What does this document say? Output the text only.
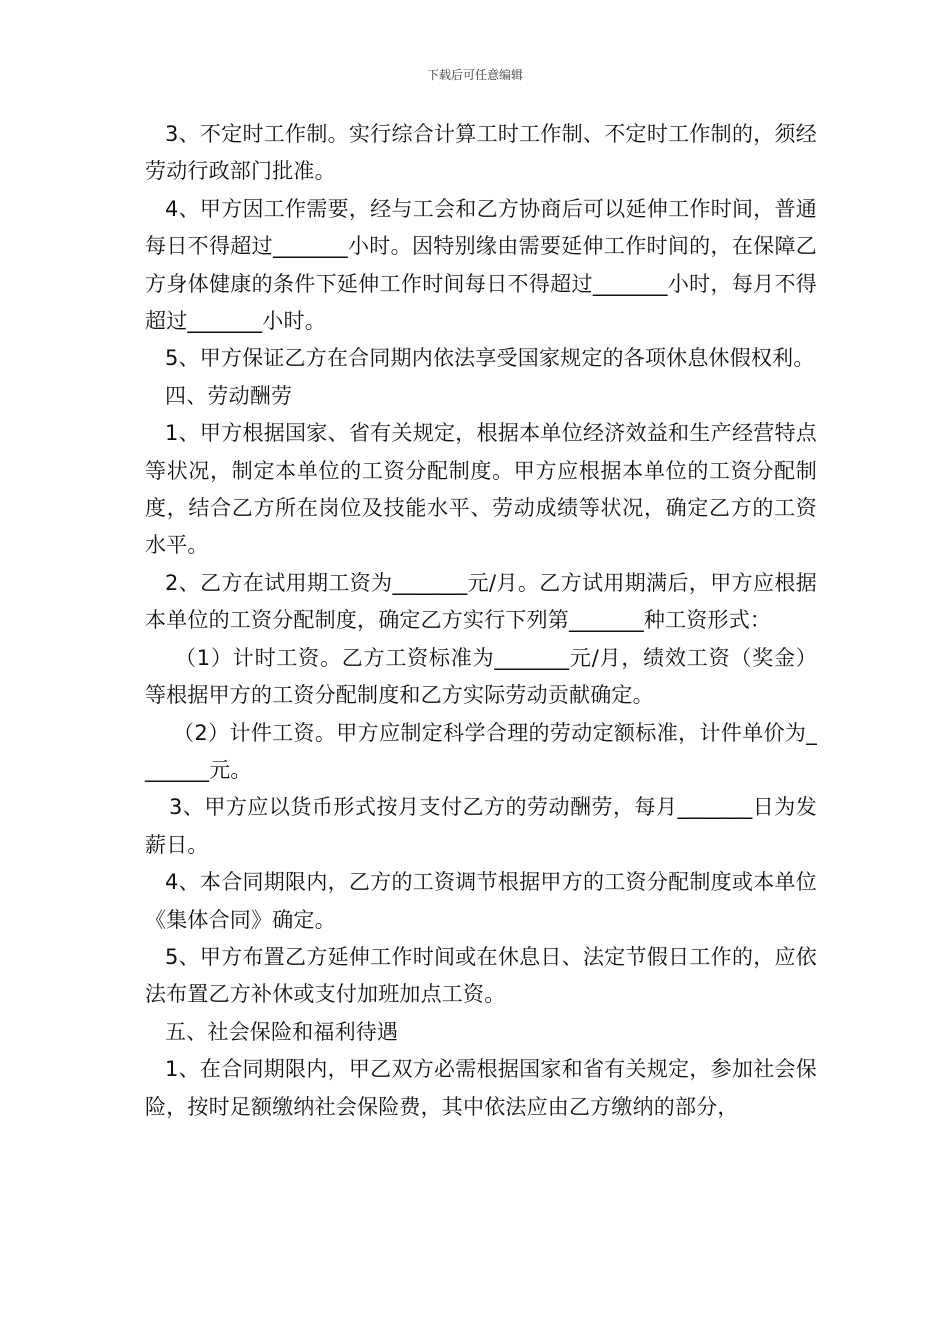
下载后可任意编辑

3、不定时工作制。实行综合计算工时工作制、不定时工作制的，须经劳动行政部门批准。

4、甲方因工作需要，经与工会和乙方协商后可以延伸工作时间，普通每日不得超过_______小时。因特别缘由需要延伸工作时间的，在保障乙方身体健康的条件下延伸工作时间每日不得超过_______小时，每月不得超过_______小时。

5、甲方保证乙方在合同期内依法享受国家规定的各项休息休假权利。

四、劳动酬劳

1、甲方根据国家、省有关规定，根据本单位经济效益和生产经营特点等状况，制定本单位的工资分配制度。甲方应根据本单位的工资分配制度，结合乙方所在岗位及技能水平、劳动成绩等状况，确定乙方的工资水平。

2、乙方在试用期工资为_______元/月。乙方试用期满后，甲方应根据本单位的工资分配制度，确定乙方实行下列第_______种工资形式：

（1）计时工资。乙方工资标准为_______元/月，绩效工资（奖金）等根据甲方的工资分配制度和乙方实际劳动贡献确定。

（2）计件工资。甲方应制定科学合理的劳动定额标准，计件单价为_______元。

3、甲方应以货币形式按月支付乙方的劳动酬劳，每月_______日为发薪日。

4、本合同期限内，乙方的工资调节根据甲方的工资分配制度或本单位《集体合同》确定。

5、甲方布置乙方延伸工作时间或在休息日、法定节假日工作的，应依法布置乙方补休或支付加班加点工资。

五、社会保险和福利待遇

1、在合同期限内，甲乙双方必需根据国家和省有关规定，参加社会保险，按时足额缴纳社会保险费，其中依法应由乙方缴纳的部分，
